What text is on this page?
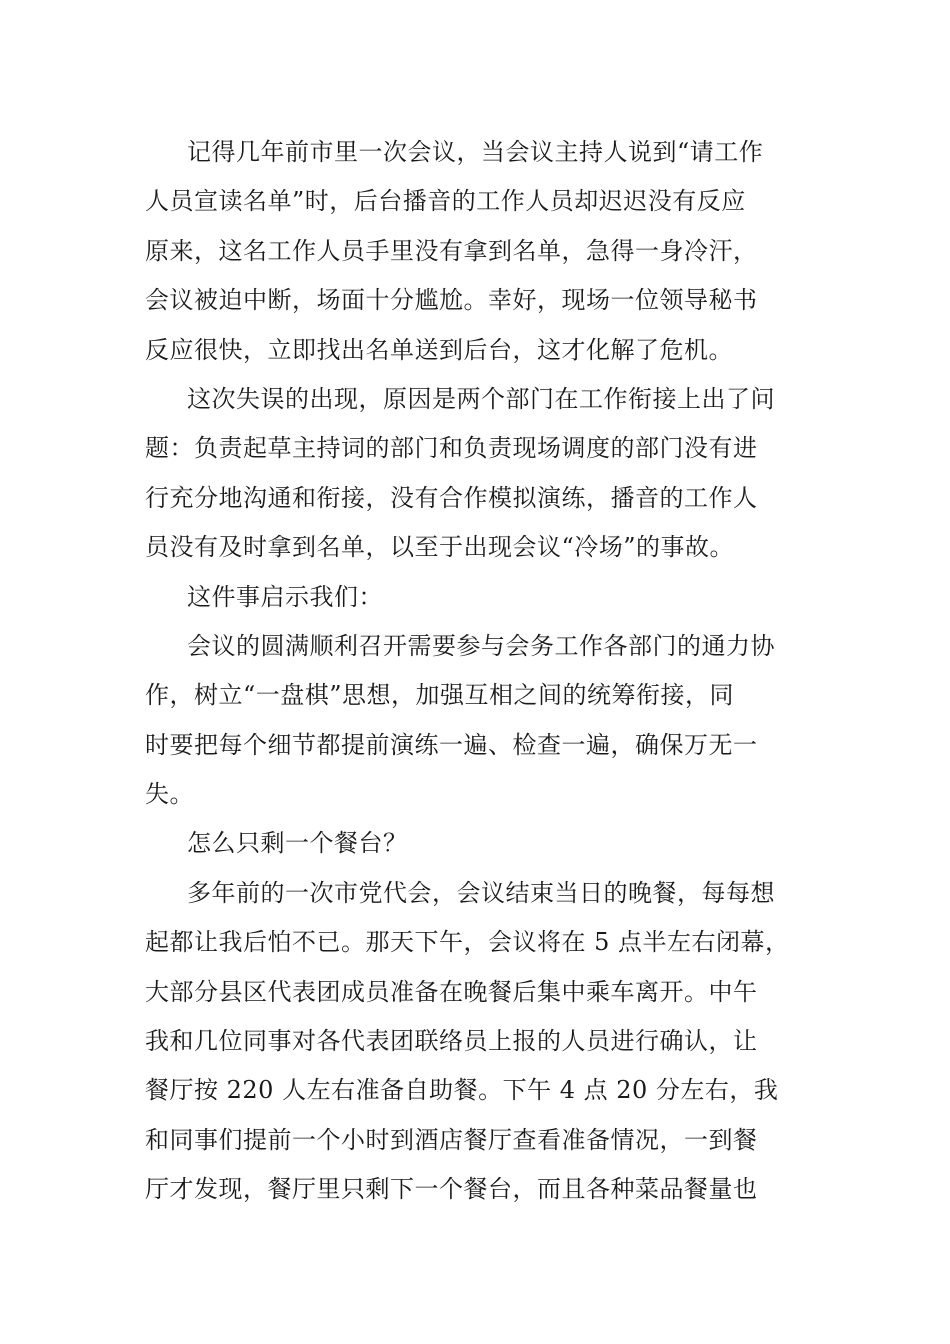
记得几年前市里一次会议，当会议主持人说到“请工作
人员宣读名单”时，后台播音的工作人员却迟迟没有反应
原来，这名工作人员手里没有拿到名单，急得一身冷汗，
会议被迫中断，场面十分尴尬。幸好，现场一位领导秘书
反应很快，立即找出名单送到后台，这才化解了危机。
这次失误的出现，原因是两个部门在工作衔接上出了问
题：负责起草主持词的部门和负责现场调度的部门没有进
行充分地沟通和衔接，没有合作模拟演练，播音的工作人
员没有及时拿到名单，以至于出现会议“冷场”的事故。
这件事启示我们：
会议的圆满顺利召开需要参与会务工作各部门的通力协
作，树立“一盘棋”思想，加强互相之间的统筹衔接，同
时要把每个细节都提前演练一遍、检查一遍，确保万无一
失。
怎么只剩一个餐台？
多年前的一次市党代会，会议结束当日的晚餐，每每想
起都让我后怕不已。那天下午，会议将在 5 点半左右闭幕，
大部分县区代表团成员准备在晚餐后集中乘车离开。中午
我和几位同事对各代表团联络员上报的人员进行确认，让
餐厅按 220 人左右准备自助餐。下午 4 点 20 分左右，我
和同事们提前一个小时到酒店餐厅查看准备情况，一到餐
厅才发现，餐厅里只剩下一个餐台，而且各种菜品餐量也
